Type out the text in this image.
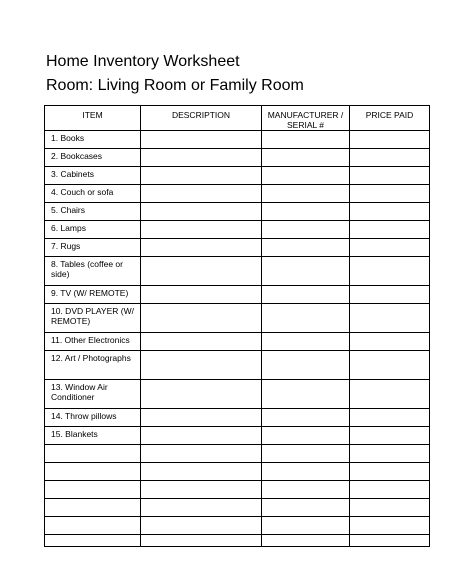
Home Inventory Worksheet
Room: Living Room or Family Room
ITEM	DESCRIPTION	MANUFACTURER / SERIAL #	PRICE PAID

1. Books			

2. Bookcases			

3. Cabinets			

4. Couch or sofa			

5. Chairs			

6. Lamps			

7. Rugs			

8. Tables (coffee or side)			

9. TV (W/ REMOTE)			

10. DVD PLAYER (W/ REMOTE)			

11. Other Electronics			

12. Art / Photographs			

13. Window Air Conditioner			

14. Throw pillows			

15. Blankets			
